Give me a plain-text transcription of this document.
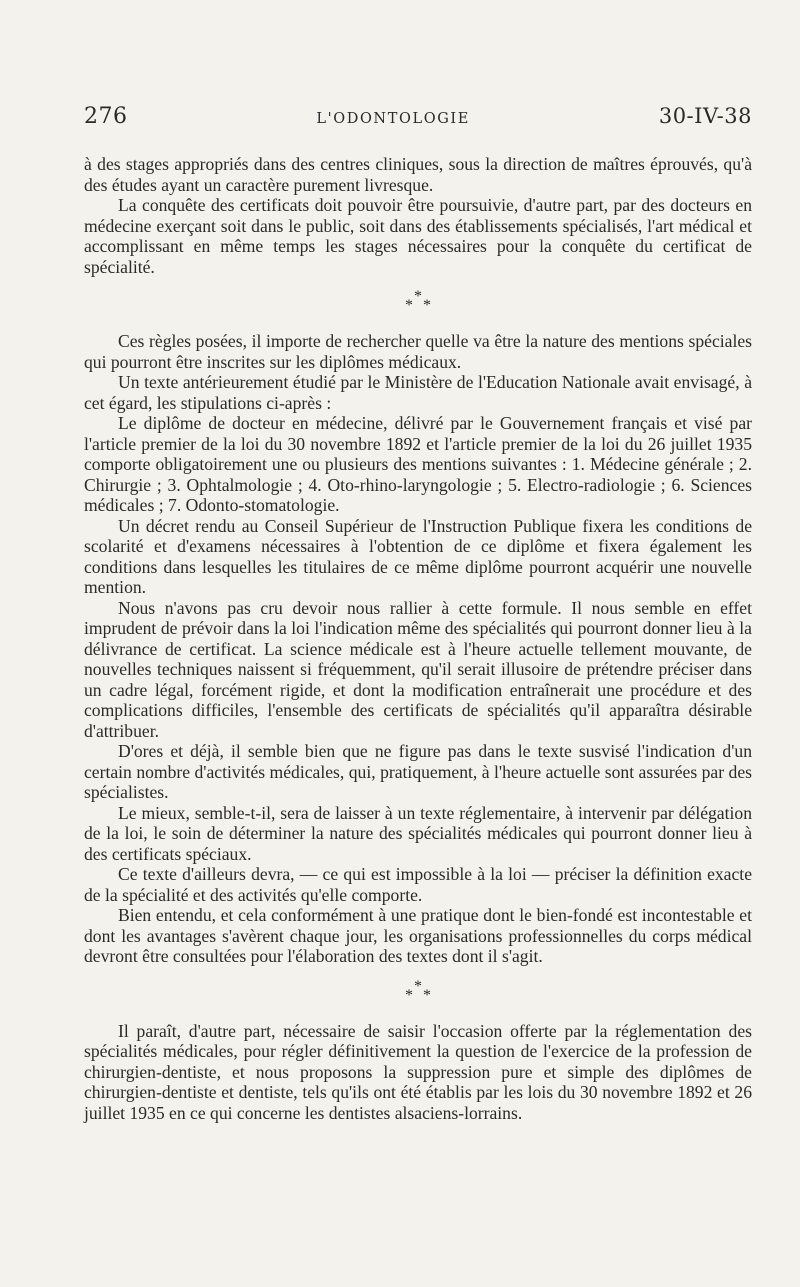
276	L'ODONTOLOGIE	30-IV-38

à des stages appropriés dans des centres cliniques, sous la direction de maîtres éprouvés, qu'à des études ayant un caractère purement livresque.

La conquête des certificats doit pouvoir être poursuivie, d'autre part, par des docteurs en médecine exerçant soit dans le public, soit dans des établissements spécialisés, l'art médical et accomplissant en même temps les stages nécessaires pour la conquête du certificat de spécialité.

*
* *

Ces règles posées, il importe de rechercher quelle va être la nature des mentions spéciales qui pourront être inscrites sur les diplômes médicaux.

Un texte antérieurement étudié par le Ministère de l'Education Nationale avait envisagé, à cet égard, les stipulations ci-après :

Le diplôme de docteur en médecine, délivré par le Gouvernement français et visé par l'article premier de la loi du 30 novembre 1892 et l'article premier de la loi du 26 juillet 1935 comporte obligatoirement une ou plusieurs des mentions suivantes : 1. Médecine générale ; 2. Chirurgie ; 3. Ophtalmologie ; 4. Oto-rhino-laryngologie ; 5. Electro-radiologie ; 6. Sciences médicales ; 7. Odonto-stomatologie.

Un décret rendu au Conseil Supérieur de l'Instruction Publique fixera les conditions de scolarité et d'examens nécessaires à l'obtention de ce diplôme et fixera également les conditions dans lesquelles les titulaires de ce même diplôme pourront acquérir une nouvelle mention.

Nous n'avons pas cru devoir nous rallier à cette formule. Il nous semble en effet imprudent de prévoir dans la loi l'indication même des spécialités qui pourront donner lieu à la délivrance de certificat. La science médicale est à l'heure actuelle tellement mouvante, de nouvelles techniques naissent si fréquemment, qu'il serait illusoire de prétendre préciser dans un cadre légal, forcément rigide, et dont la modification entraînerait une procédure et des complications difficiles, l'ensemble des certificats de spécialités qu'il apparaîtra désirable d'attribuer.

D'ores et déjà, il semble bien que ne figure pas dans le texte susvisé l'indication d'un certain nombre d'activités médicales, qui, pratiquement, à l'heure actuelle sont assurées par des spécialistes.

Le mieux, semble-t-il, sera de laisser à un texte réglementaire, à intervenir par délégation de la loi, le soin de déterminer la nature des spécialités médicales qui pourront donner lieu à des certificats spéciaux.

Ce texte d'ailleurs devra, — ce qui est impossible à la loi — préciser la définition exacte de la spécialité et des activités qu'elle comporte.

Bien entendu, et cela conformément à une pratique dont le bien-fondé est incontestable et dont les avantages s'avèrent chaque jour, les organisations professionnelles du corps médical devront être consultées pour l'élaboration des textes dont il s'agit.

*
* *

Il paraît, d'autre part, nécessaire de saisir l'occasion offerte par la réglementation des spécialités médicales, pour régler définitivement la question de l'exercice de la profession de chirurgien-dentiste, et nous proposons la suppression pure et simple des diplômes de chirurgien-dentiste et dentiste, tels qu'ils ont été établis par les lois du 30 novembre 1892 et 26 juillet 1935 en ce qui concerne les dentistes alsaciens-lorrains.
